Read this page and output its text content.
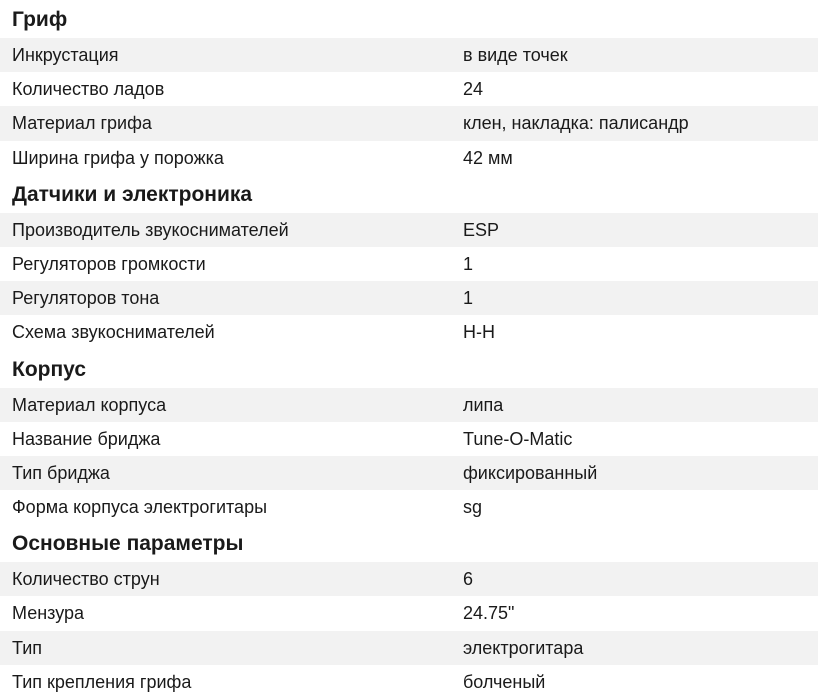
Гриф
Инкрустация	в виде точек
Количество ладов	24
Материал грифа	клен, накладка: палисандр
Ширина грифа у порожка	42 мм
Датчики и электроника
Производитель звукоснимателей	ESP
Регуляторов громкости	1
Регуляторов тона	1
Схема звукоснимателей	H-H
Корпус
Материал корпуса	липа
Название бриджа	Tune-O-Matic
Тип бриджа	фиксированный
Форма корпуса электрогитары	sg
Основные параметры
Количество струн	6
Мензура	24.75"
Тип	электрогитара
Тип крепления грифа	болченый
